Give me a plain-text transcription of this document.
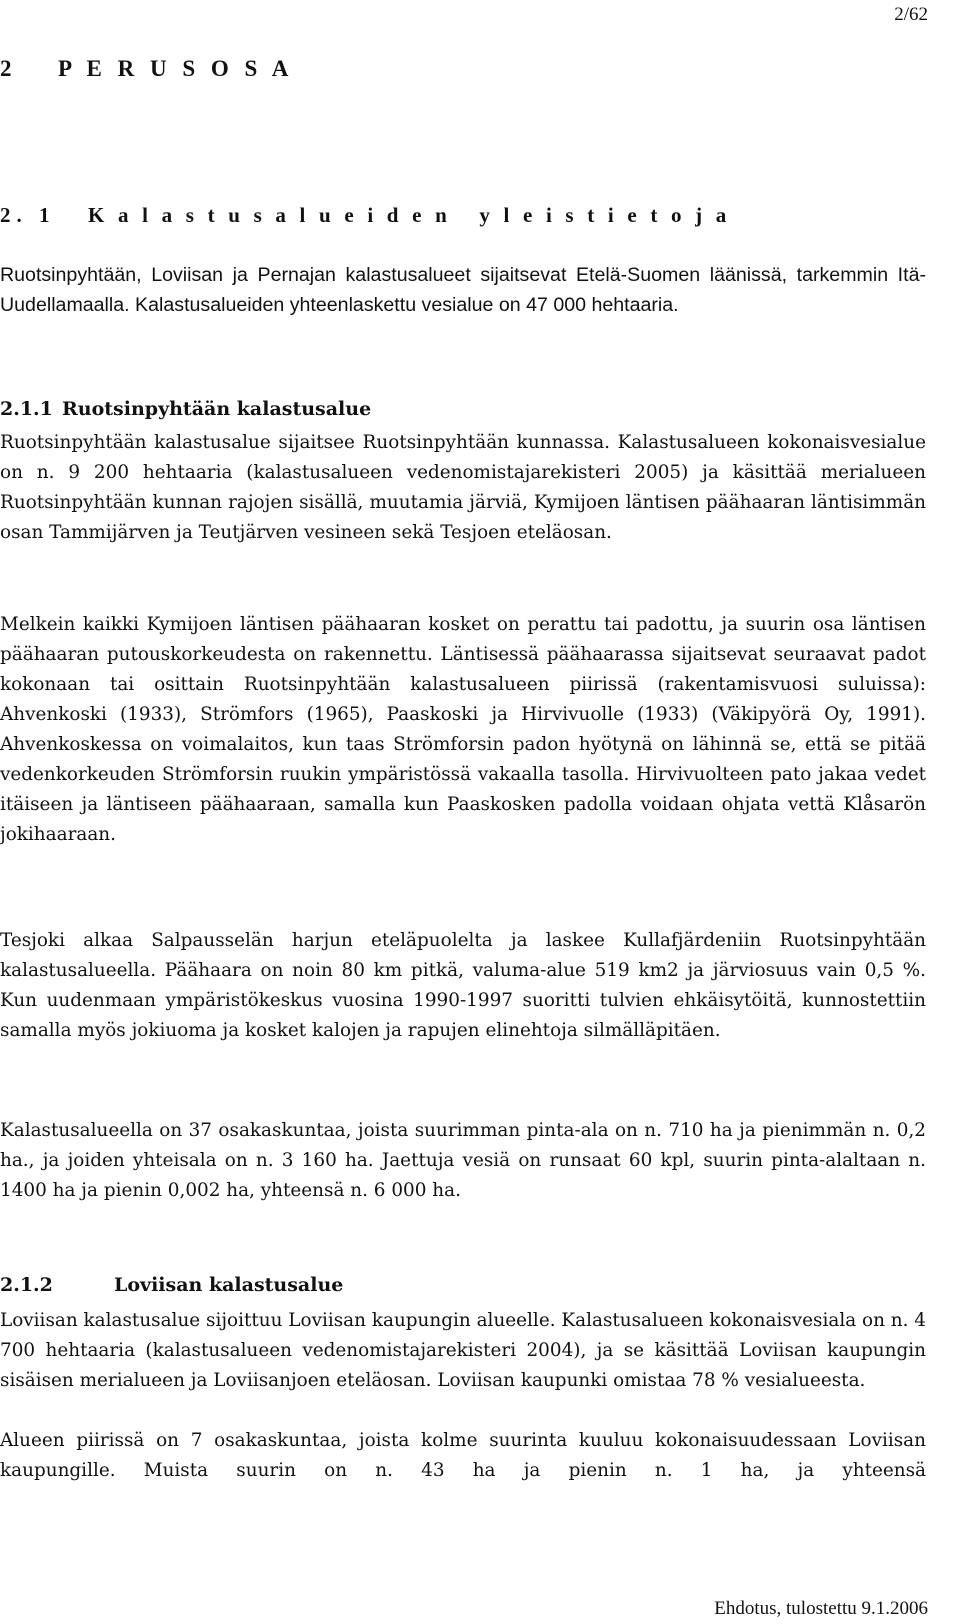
2/62
2 P E R U S O S A
2. 1 K a l a s t u s a l u e i d e n   y l e i s t i e t o j a

Ruotsinpyhtään, Loviisan ja Pernajan kalastusalueet sijaitsevat Etelä-Suomen läänissä, tarkemmin Itä-Uudellamaalla. Kalastusalueiden yhteenlaskettu vesialue on 47 000 hehtaaria.

2.1.1 Ruotsinpyhtään kalastusalue

Ruotsinpyhtään kalastusalue sijaitsee Ruotsinpyhtään kunnassa. Kalastusalueen kokonaisvesialue on n. 9 200 hehtaaria (kalastusalueen vedenomistajarekisteri 2005) ja käsittää merialueen Ruotsinpyhtään kunnan rajojen sisällä, muutamia järviä, Kymijoen läntisen päähaaran läntisimmän osan Tammijärven ja Teutjärven vesineen sekä Tesjoen eteläosan.

Melkein kaikki Kymijoen läntisen päähaaran kosket on perattu tai padottu, ja suurin osa läntisen päähaaran putouskorkeudesta on rakennettu. Läntisessä päähaarassa sijaitsevat seuraavat padot kokonaan tai osittain Ruotsinpyhtään kalastusalueen piirissä (rakentamisvuosi suluissa): Ahvenkoski (1933), Strömfors (1965), Paaskoski ja Hirvivuolle (1933) (Väkipyörä Oy, 1991). Ahvenkoskessa on voimalaitos, kun taas Strömforsin padon hyötynä on lähinnä se, että se pitää vedenkorkeuden Strömforsin ruukin ympäristössä vakaalla tasolla. Hirvivuolteen pato jakaa vedet itäiseen ja läntiseen päähaaraan, samalla kun Paaskosken padolla voidaan ohjata vettä Klåsarön jokihaaraan.

Tesjoki alkaa Salpausselän harjun eteläpuolelta ja laskee Kullafjärdeniin Ruotsinpyhtään kalastusalueella. Päähaara on noin 80 km pitkä, valuma-alue 519 km2 ja järviosuus vain 0,5 %. Kun uudenmaan ympäristökeskus vuosina 1990-1997 suoritti tulvien ehkäisytöitä, kunnostettiin samalla myös jokiuoma ja kosket kalojen ja rapujen elinehtoja silmälläpitäen.

Kalastusalueella on 37 osakaskuntaa, joista suurimman pinta-ala on n. 710 ha ja pienimmän n. 0,2 ha., ja joiden yhteisala on n. 3 160 ha. Jaettuja vesiä on runsaat 60 kpl, suurin pinta-alaltaan n. 1400 ha ja pienin 0,002 ha, yhteensä n. 6 000 ha.

2.1.2	Loviisan kalastusalue

Loviisan kalastusalue sijoittuu Loviisan kaupungin alueelle. Kalastusalueen kokonaisvesiala on n. 4 700 hehtaaria (kalastusalueen vedenomistajarekisteri 2004), ja se käsittää Loviisan kaupungin sisäisen merialueen ja Loviisanjoen eteläosan. Loviisan kaupunki omistaa 78 % vesialueesta.

Alueen piirissä on 7 osakaskuntaa, joista kolme suurinta kuuluu kokonaisuudessaan Loviisan kaupungille. Muista suurin on n. 43 ha ja pienin n. 1 ha, ja yhteensä

Ehdotus, tulostettu 9.1.2006
